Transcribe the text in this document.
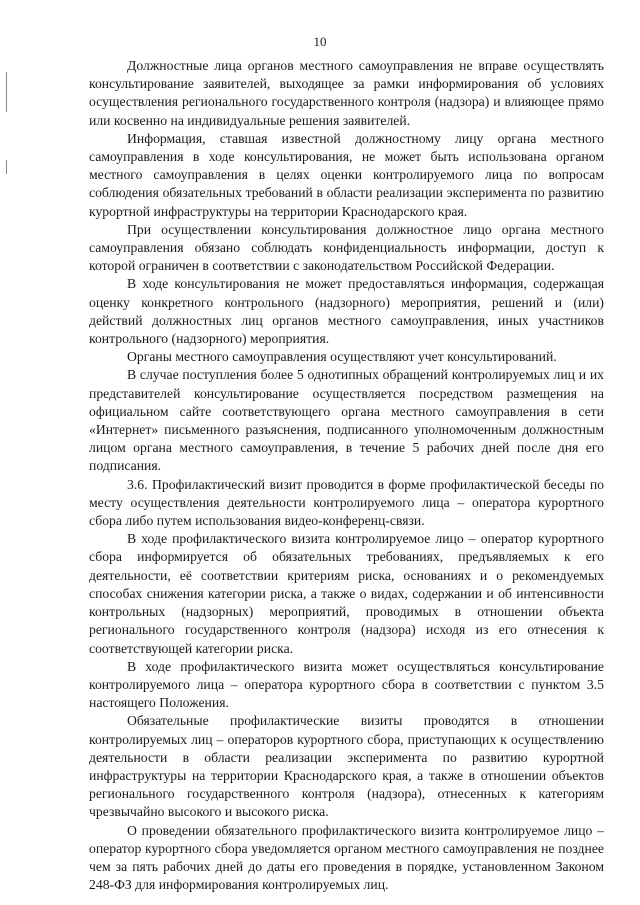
10

Должностные лица органов местного самоуправления не вправе осуществлять консультирование заявителей, выходящее за рамки информирования об условиях осуществления регионального государственного контроля (надзора) и влияющее прямо или косвенно на индивидуальные решения заявителей.

Информация, ставшая известной должностному лицу органа местного самоуправления в ходе консультирования, не может быть использована органом местного самоуправления в целях оценки контролируемого лица по вопросам соблюдения обязательных требований в области реализации эксперимента по развитию курортной инфраструктуры на территории Краснодарского края.

При осуществлении консультирования должностное лицо органа местного самоуправления обязано соблюдать конфиденциальность информации, доступ к которой ограничен в соответствии с законодательством Российской Федерации.

В ходе консультирования не может предоставляться информация, содержащая оценку конкретного контрольного (надзорного) мероприятия, решений и (или) действий должностных лиц органов местного самоуправления, иных участников контрольного (надзорного) мероприятия.

Органы местного самоуправления осуществляют учет консультирований.

В случае поступления более 5 однотипных обращений контролируемых лиц и их представителей консультирование осуществляется посредством размещения на официальном сайте соответствующего органа местного самоуправления в сети «Интернет» письменного разъяснения, подписанного уполномоченным должностным лицом органа местного самоуправления, в течение 5 рабочих дней после дня его подписания.

3.6. Профилактический визит проводится в форме профилактической беседы по месту осуществления деятельности контролируемого лица – оператора курортного сбора либо путем использования видео-конференц-связи.

В ходе профилактического визита контролируемое лицо – оператор курортного сбора информируется об обязательных требованиях, предъявляемых к его деятельности, её соответствии критериям риска, основаниях и о рекомендуемых способах снижения категории риска, а также о видах, содержании и об интенсивности контрольных (надзорных) мероприятий, проводимых в отношении объекта регионального государственного контроля (надзора) исходя из его отнесения к соответствующей категории риска.

В ходе профилактического визита может осуществляться консультирование контролируемого лица – оператора курортного сбора в соответствии с пунктом 3.5 настоящего Положения.

Обязательные профилактические визиты проводятся в отношении контролируемых лиц – операторов курортного сбора, приступающих к осуществлению деятельности в области реализации эксперимента по развитию курортной инфраструктуры на территории Краснодарского края, а также в отношении объектов регионального государственного контроля (надзора), отнесенных к категориям чрезвычайно высокого и высокого риска.

О проведении обязательного профилактического визита контролируемое лицо – оператор курортного сбора уведомляется органом местного самоуправления не позднее чем за пять рабочих дней до даты его проведения в порядке, установленном Законом 248-ФЗ для информирования контролируемых лиц.
